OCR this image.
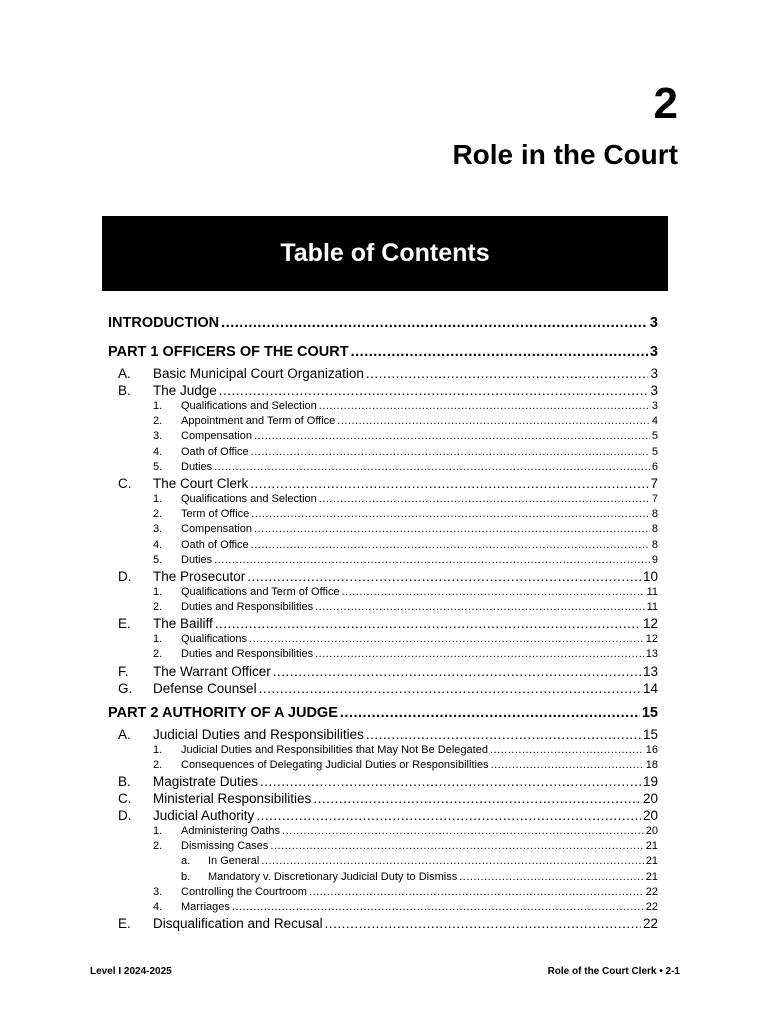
2
Role in the Court
Table of Contents
INTRODUCTION .....	3
PART 1 OFFICERS OF THE COURT .....	3
A.	Basic Municipal Court Organization .....	3
B.	The Judge .....	3
1.	Qualifications and Selection .....	3
2.	Appointment and Term of Office .....	4
3.	Compensation .....	5
4.	Oath of Office .....	5
5.	Duties .....	6
C.	The Court Clerk .....	7
1.	Qualifications and Selection .....	7
2.	Term of Office .....	8
3.	Compensation .....	8
4.	Oath of Office .....	8
5.	Duties .....	9
D.	The Prosecutor .....	10
1.	Qualifications and Term of Office .....	11
2.	Duties and Responsibilities .....	11
E.	The Bailiff .....	12
1.	Qualifications .....	12
2.	Duties and Responsibilities .....	13
F.	The Warrant Officer .....	13
G.	Defense Counsel .....	14
PART 2 AUTHORITY OF A JUDGE .....	15
A.	Judicial Duties and Responsibilities .....	15
1.	Judicial Duties and Responsibilities that May Not Be Delegated .....	16
2.	Consequences of Delegating Judicial Duties or Responsibilities .....	18
B.	Magistrate Duties .....	19
C.	Ministerial Responsibilities .....	20
D.	Judicial Authority .....	20
1.	Administering Oaths .....	20
2.	Dismissing Cases .....	21
a.	In General .....	21
b.	Mandatory v. Discretionary Judicial Duty to Dismiss .....	21
3.	Controlling the Courtroom .....	22
4.	Marriages .....	22
E.	Disqualification and Recusal .....	22
Level I 2024-2025	Role of the Court Clerk • 2-1
